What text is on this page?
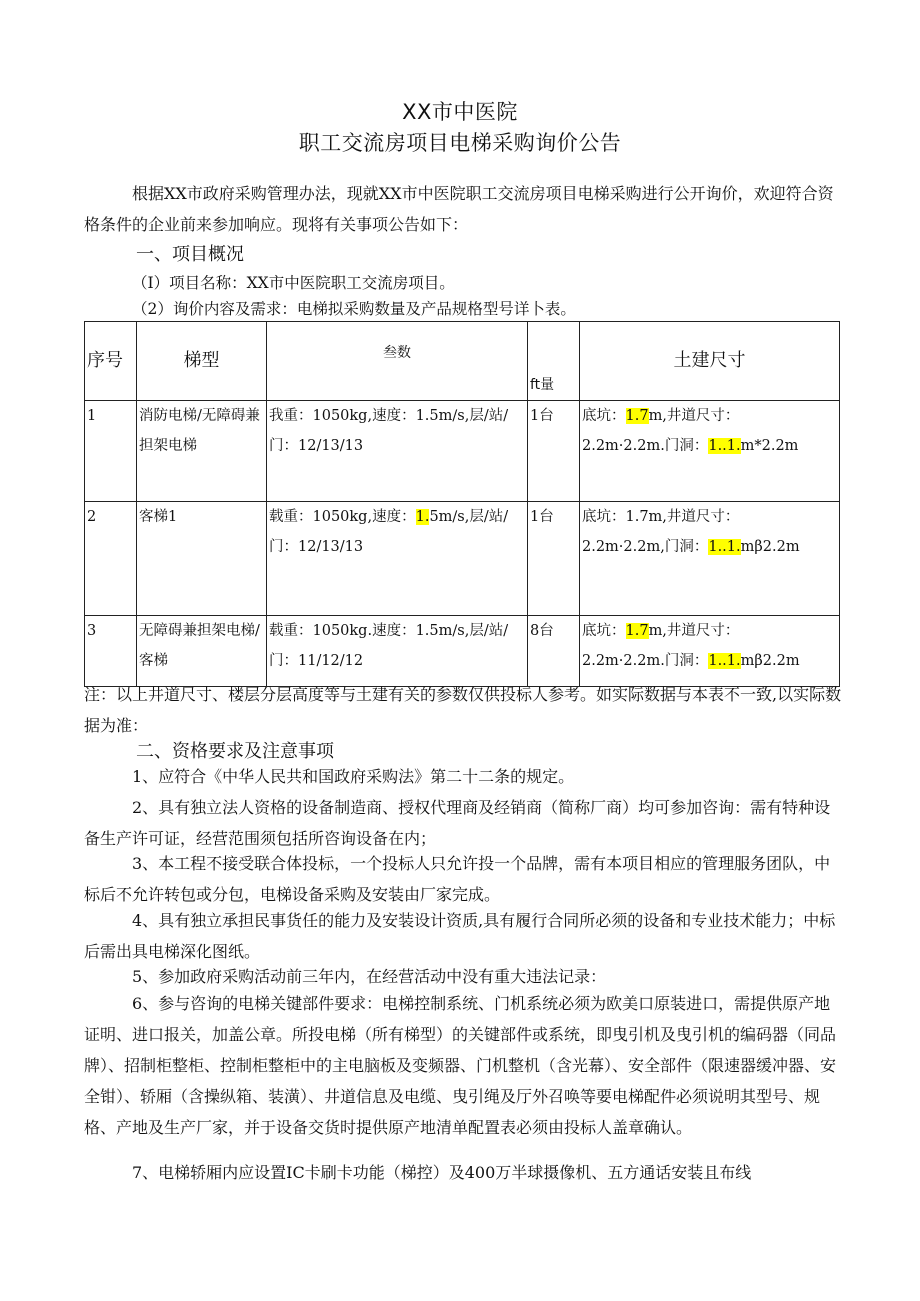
XX市中医院
职工交流房项目电梯采购询价公告
根据XX市政府采购管理办法，现就XX市中医院职工交流房项目电梯采购进行公开询价，欢迎符合资格条件的企业前来参加响应。现将有关事项公告如下：
一、项目概况
（I）项目名称：XX市中医院职工交流房项目。
（2）询价内容及需求：电梯拟采购数量及产品规格型号详卜表。
序号	梯型	叁数	ft量	土建尺寸
1	消防电梯/无障碍兼担架电梯	我重：1050kg,速度：1.5m∕s,层/站/门：12/13/13	1台	底坑：1.7m,井道尺寸：
2.2m·2.2m.门洞：1..1.m*2.2m
2	客梯1	载重：1050kg,速度：1.5m∕s,层/站/门：12/13/13	1台	底坑：1.7m,井道尺寸：
2.2m·2.2m,门洞：1..1.mβ2.2m
3	无障碍兼担架电梯/客梯	载重：1050kg.速度：1.5m∕s,层/站/门：11/12/12	8台	底坑：1.7m,井道尺寸：
2.2m·2.2m.门洞：1..1.mβ2.2m
注：以上井道尺寸、楼层分层高度等与土建有关的参数仅供投标人参考。如实际数据与本表不一致,以实际数据为准：
二、资格要求及注意事项
1、应符合《中华人民共和国政府采购法》第二十二条的规定。
2、具有独立法人资格的设备制造商、授权代理商及经销商（简称厂商）均可参加咨询：需有特种设备生产许可证，经营范围须包括所咨询设备在内；
3、本工程不接受联合体投标，一个投标人只允许投一个品牌，需有本项目相应的管理服务团队，中标后不允许转包或分包，电梯设备采购及安装由厂家完成。
4、具有独立承担民事货任的能力及安装设计资质,具有履行合同所必须的设备和专业技术能力；中标后需出具电梯深化图纸。
5、参加政府采购活动前三年内，在经营活动中没有重大违法记录：
6、参与咨询的电梯关键部件要求：电梯控制系统、门机系统必须为欧美口原装进口，需提供原产地证明、进口报关，加盖公章。所投电梯（所有梯型）的关键部件或系统，即曳引机及曳引机的编码器（同品牌）、招制柜整柜、控制柜整柜中的主电脑板及变频器、门机整机（含光幕）、安全部件（限速器缓冲器、安全钳）、轿厢（含操纵箱、装潢）、井道信息及电缆、曳引绳及厅外召唤等要电梯配件必须说明其型号、规格、产地及生产厂家，并于设备交货时提供原产地清单配置表必须由投标人盖章确认。
7、电梯轿厢内应设置IC卡刷卡功能（梯控）及400万半球摄像机、五方通话安装且布线
